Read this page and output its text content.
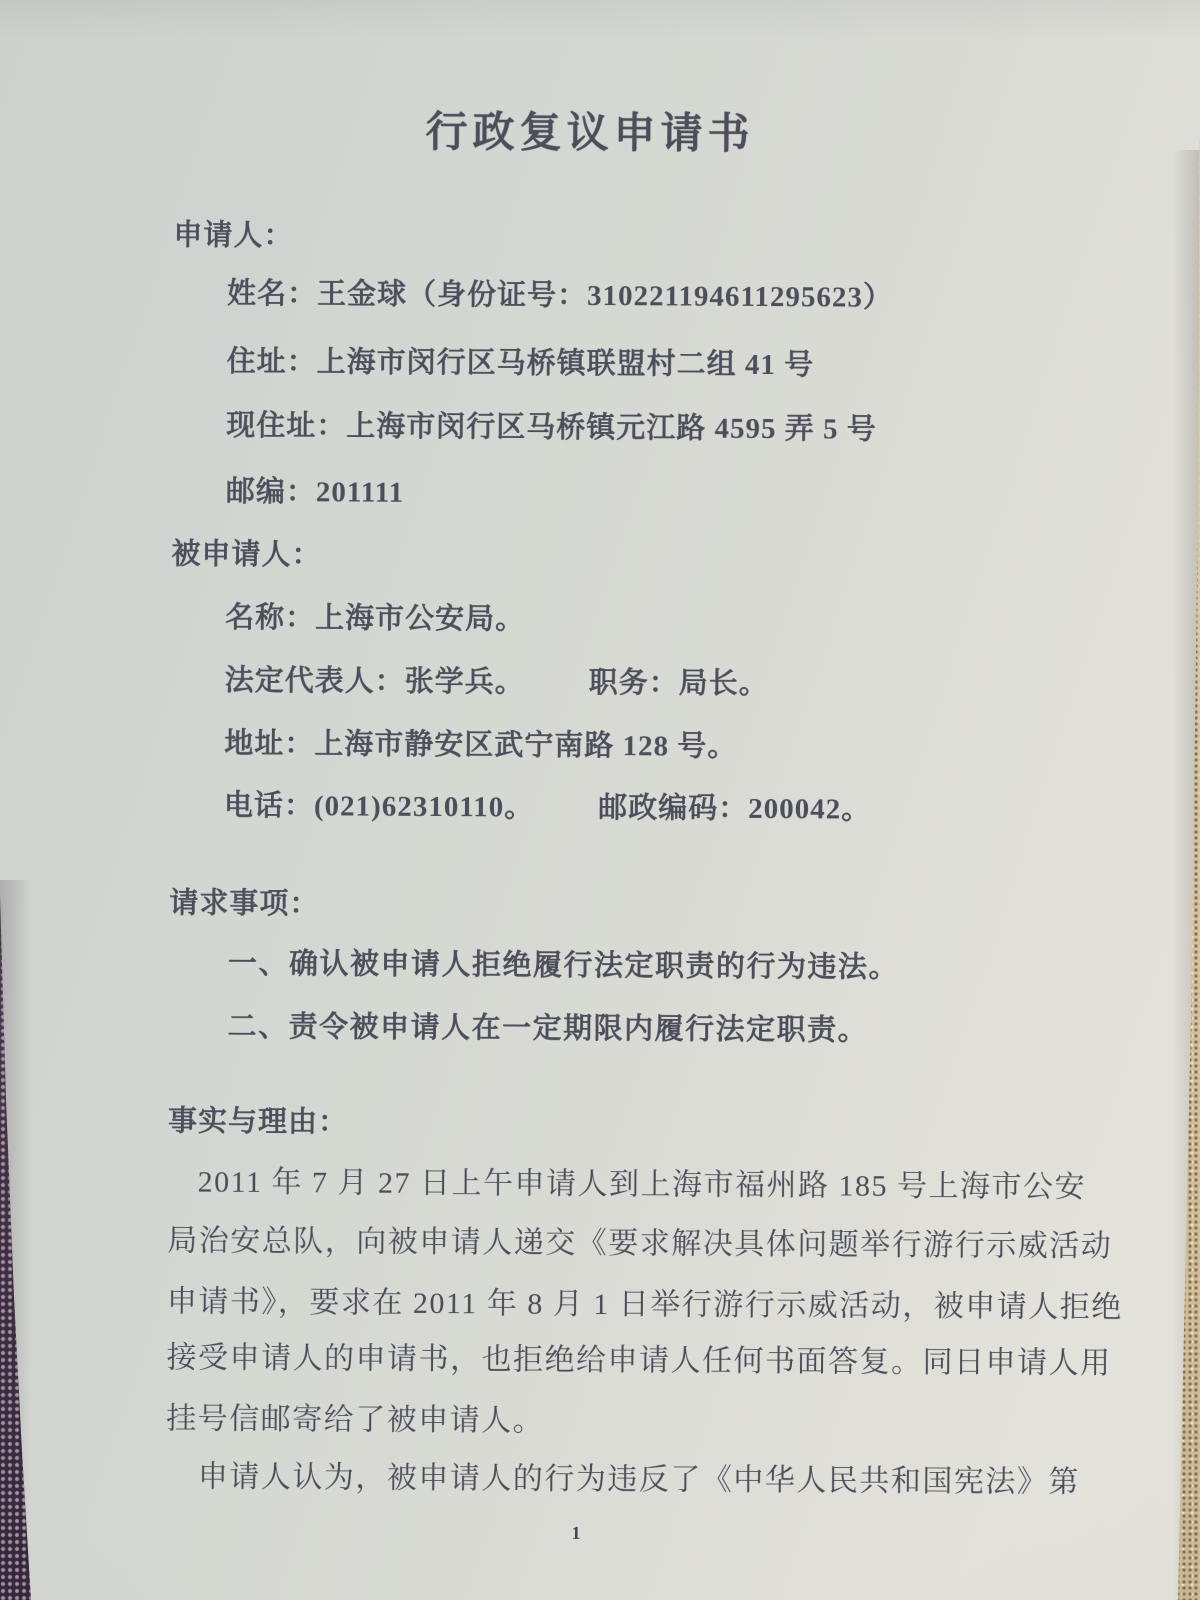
行政复议申请书
申请人：
姓名：王金球（身份证号：310221194611295623）
住址：上海市闵行区马桥镇联盟村二组 41 号
现住址：上海市闵行区马桥镇元江路 4595 弄 5 号
邮编：201111
被申请人：
名称：上海市公安局。
法定代表人：张学兵。 职务：局长。
地址：上海市静安区武宁南路 128 号。
电话：(021)62310110。 邮政编码：200042。
请求事项：
一、确认被申请人拒绝履行法定职责的行为违法。
二、责令被申请人在一定期限内履行法定职责。
事实与理由：
2011 年 7 月 27 日上午申请人到上海市福州路 185 号上海市公安
局治安总队，向被申请人递交《要求解决具体问题举行游行示威活动
申请书》，要求在 2011 年 8 月 1 日举行游行示威活动，被申请人拒绝
接受申请人的申请书，也拒绝给申请人任何书面答复。同日申请人用
挂号信邮寄给了被申请人。
申请人认为，被申请人的行为违反了《中华人民共和国宪法》第
1
